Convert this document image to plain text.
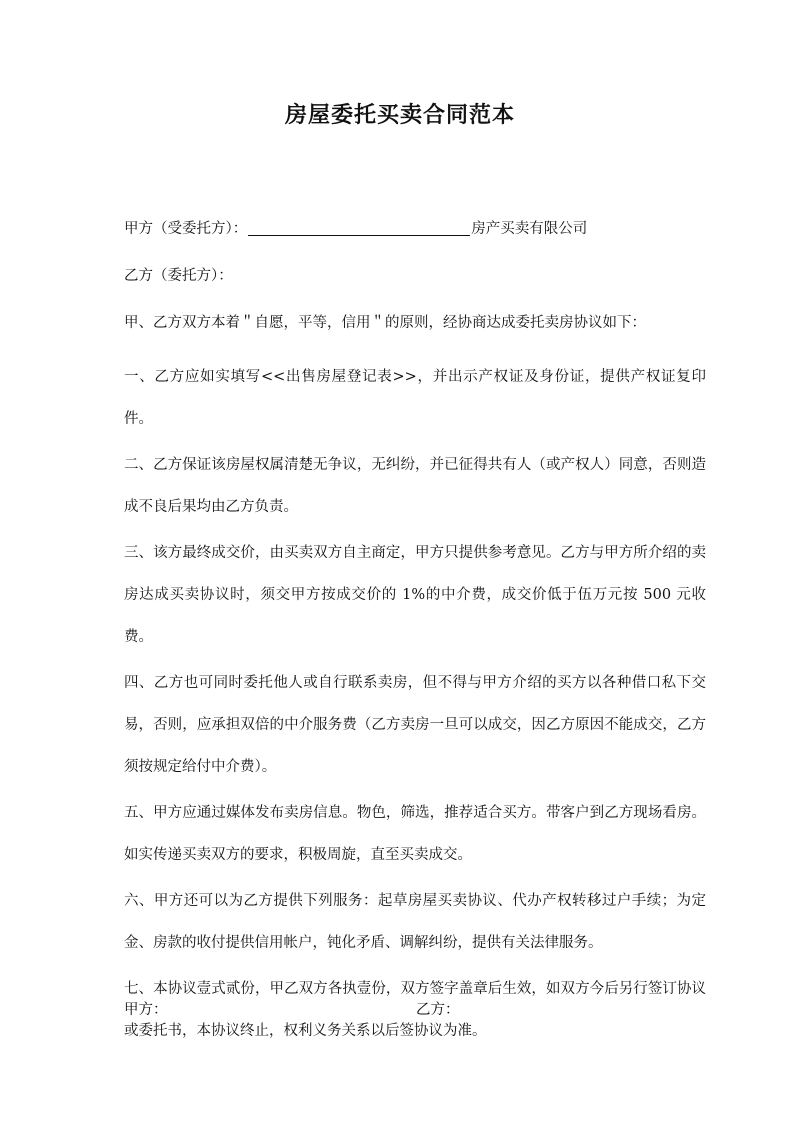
房屋委托买卖合同范本

甲方（受委托方）：	房产买卖有限公司

乙方（委托方）：

甲、乙方双方本着＂自愿，平等，信用＂的原则，经协商达成委托卖房协议如下：

一、乙方应如实填写<<出售房屋登记表>>，并出示产权证及身份证，提供产权证复印件。

二、乙方保证该房屋权属清楚无争议，无纠纷，并已征得共有人（或产权人）同意，否则造成不良后果均由乙方负责。

三、该方最终成交价，由买卖双方自主商定，甲方只提供参考意见。乙方与甲方所介绍的卖房达成买卖协议时，须交甲方按成交价的 1%的中介费，成交价低于伍万元按 500 元收费。

四、乙方也可同时委托他人或自行联系卖房，但不得与甲方介绍的买方以各种借口私下交易，否则，应承担双倍的中介服务费（乙方卖房一旦可以成交，因乙方原因不能成交，乙方须按规定给付中介费）。

五、甲方应通过媒体发布卖房信息。物色，筛选，推荐适合买方。带客户到乙方现场看房。如实传递买卖双方的要求，积极周旋，直至买卖成交。

六、甲方还可以为乙方提供下列服务：起草房屋买卖协议、代办产权转移过户手续；为定金、房款的收付提供信用帐户，钝化矛盾、调解纠纷，提供有关法律服务。

七、本协议壹式贰份，甲乙双方各执壹份，双方签字盖章后生效，如双方今后另行签订协议或委托书，本协议终止，权利义务关系以后签协议为准。

甲方：	乙方：
